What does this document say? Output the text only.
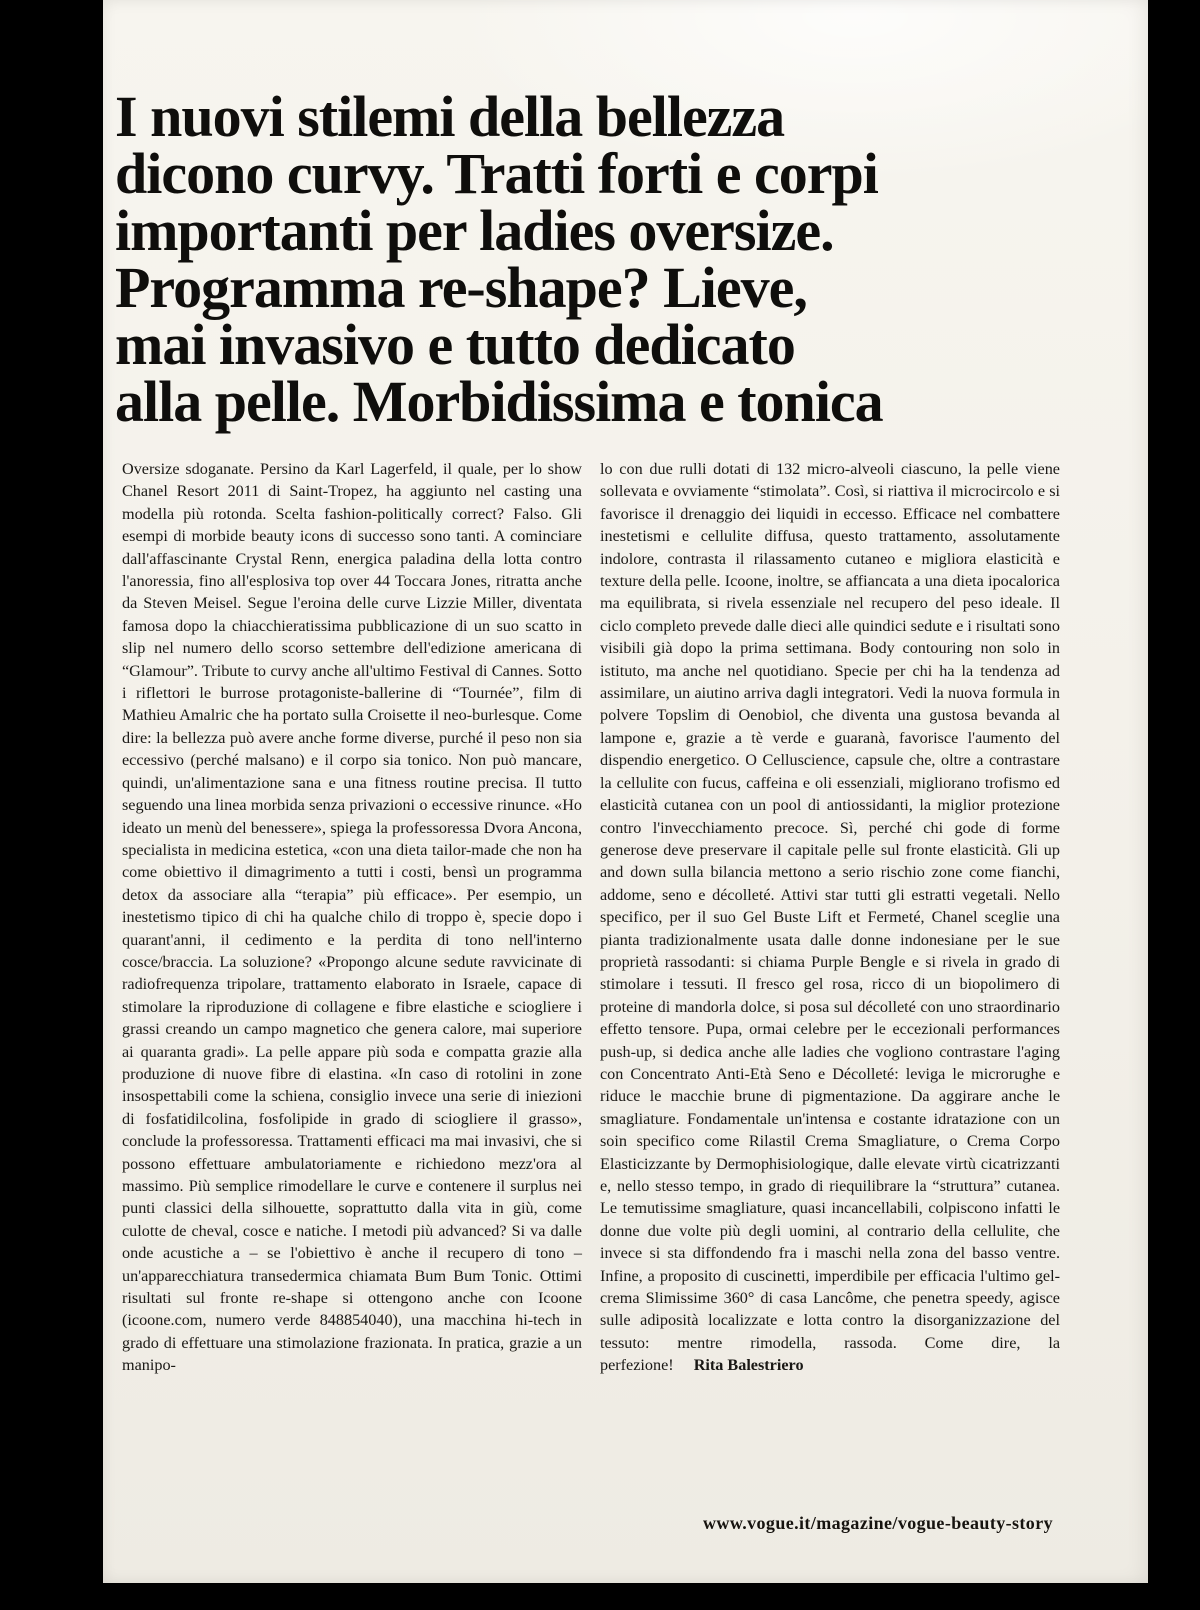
I nuovi stilemi della bellezza
dicono curvy. Tratti forti e corpi
importanti per ladies oversize.
Programma re-shape? Lieve,
mai invasivo e tutto dedicato
alla pelle. Morbidissima e tonica

Oversize sdoganate. Persino da Karl Lagerfeld, il quale, per lo show Chanel Resort 2011 di Saint-Tropez, ha aggiunto nel casting una modella più rotonda. Scelta fashion-politically correct? Falso. Gli esempi di morbide beauty icons di successo sono tanti. A cominciare dall'affascinante Crystal Renn, energica paladina della lotta contro l'anoressia, fino all'esplosiva top over 44 Toccara Jones, ritratta anche da Steven Meisel. Segue l'eroina delle curve Lizzie Miller, diventata famosa dopo la chiacchieratissima pubblicazione di un suo scatto in slip nel numero dello scorso settembre dell'edizione americana di “Glamour”. Tribute to curvy anche all'ultimo Festival di Cannes. Sotto i riflettori le burrose protagoniste-ballerine di “Tournée”, film di Mathieu Amalric che ha portato sulla Croisette il neo-burlesque. Come dire: la bellezza può avere anche forme diverse, purché il peso non sia eccessivo (perché malsano) e il corpo sia tonico. Non può mancare, quindi, un'alimentazione sana e una fitness routine precisa. Il tutto seguendo una linea morbida senza privazioni o eccessive rinunce. «Ho ideato un menù del benessere», spiega la professoressa Dvora Ancona, specialista in medicina estetica, «con una dieta tailor-made che non ha come obiettivo il dimagrimento a tutti i costi, bensì un programma detox da associare alla “terapia” più efficace». Per esempio, un inestetismo tipico di chi ha qualche chilo di troppo è, specie dopo i quarant'anni, il cedimento e la perdita di tono nell'interno cosce/braccia. La soluzione? «Propongo alcune sedute ravvicinate di radiofrequenza tripolare, trattamento elaborato in Israele, capace di stimolare la riproduzione di collagene e fibre elastiche e sciogliere i grassi creando un campo magnetico che genera calore, mai superiore ai quaranta gradi». La pelle appare più soda e compatta grazie alla produzione di nuove fibre di elastina. «In caso di rotolini in zone insospettabili come la schiena, consiglio invece una serie di iniezioni di fosfatidilcolina, fosfolipide in grado di sciogliere il grasso», conclude la professoressa. Trattamenti efficaci ma mai invasivi, che si possono effettuare ambulatoriamente e richiedono mezz'ora al massimo. Più semplice rimodellare le curve e contenere il surplus nei punti classici della silhouette, soprattutto dalla vita in giù, come culotte de cheval, cosce e natiche. I metodi più advanced? Si va dalle onde acustiche a – se l'obiettivo è anche il recupero di tono – un'apparecchiatura transedermica chiamata Bum Bum Tonic. Ottimi risultati sul fronte re-shape si ottengono anche con Icoone (icoone.com, numero verde 848854040), una macchina hi-tech in grado di effettuare una stimolazione frazionata. In pratica, grazie a un manipo-

lo con due rulli dotati di 132 micro-alveoli ciascuno, la pelle viene sollevata e ovviamente “stimolata”. Così, si riattiva il microcircolo e si favorisce il drenaggio dei liquidi in eccesso. Efficace nel combattere inestetismi e cellulite diffusa, questo trattamento, assolutamente indolore, contrasta il rilassamento cutaneo e migliora elasticità e texture della pelle. Icoone, inoltre, se affiancata a una dieta ipocalorica ma equilibrata, si rivela essenziale nel recupero del peso ideale. Il ciclo completo prevede dalle dieci alle quindici sedute e i risultati sono visibili già dopo la prima settimana. Body contouring non solo in istituto, ma anche nel quotidiano. Specie per chi ha la tendenza ad assimilare, un aiutino arriva dagli integratori. Vedi la nuova formula in polvere Topslim di Oenobiol, che diventa una gustosa bevanda al lampone e, grazie a tè verde e guaranà, favorisce l'aumento del dispendio energetico. O Celluscience, capsule che, oltre a contrastare la cellulite con fucus, caffeina e oli essenziali, migliorano trofismo ed elasticità cutanea con un pool di antiossidanti, la miglior protezione contro l'invecchiamento precoce. Sì, perché chi gode di forme generose deve preservare il capitale pelle sul fronte elasticità. Gli up and down sulla bilancia mettono a serio rischio zone come fianchi, addome, seno e décolleté. Attivi star tutti gli estratti vegetali. Nello specifico, per il suo Gel Buste Lift et Fermeté, Chanel sceglie una pianta tradizionalmente usata dalle donne indonesiane per le sue proprietà rassodanti: si chiama Purple Bengle e si rivela in grado di stimolare i tessuti. Il fresco gel rosa, ricco di un biopolimero di proteine di mandorla dolce, si posa sul décolleté con uno straordinario effetto tensore. Pupa, ormai celebre per le eccezionali performances push-up, si dedica anche alle ladies che vogliono contrastare l'aging con Concentrato Anti-Età Seno e Décolleté: leviga le microrughe e riduce le macchie brune di pigmentazione. Da aggirare anche le smagliature. Fondamentale un'intensa e costante idratazione con un soin specifico come Rilastil Crema Smagliature, o Crema Corpo Elasticizzante by Dermophisiologique, dalle elevate virtù cicatrizzanti e, nello stesso tempo, in grado di riequilibrare la “struttura” cutanea. Le temutissime smagliature, quasi incancellabili, colpiscono infatti le donne due volte più degli uomini, al contrario della cellulite, che invece si sta diffondendo fra i maschi nella zona del basso ventre. Infine, a proposito di cuscinetti, imperdibile per efficacia l'ultimo gel-crema Slimissime 360° di casa Lancôme, che penetra speedy, agisce sulle adiposità localizzate e lotta contro la disorganizzazione del tessuto: mentre rimodella, rassoda. Come dire, la perfezione! Rita Balestriero

www.vogue.it/magazine/vogue-beauty-story
